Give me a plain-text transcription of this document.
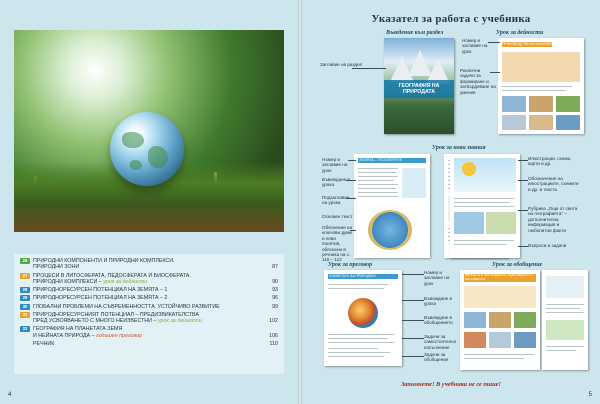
26	ПРИРОДНИ КОМПОНЕНТИ И ПРИРОДНИ КОМПЛЕКСИ.
ПРИРОДНИ ЗОНИ	87
27	ПРОЦЕСИ В ЛИТОСФЕРАТА, ПЕДОСФЕРАТА И БИОСФЕРАТА.
ПРИРОДНИ КОМПЛЕКСИ – урок за дейности	90
28	ПРИРОДНОРЕСУРСЕН ПОТЕНЦИАЛ НА ЗЕМЯТА – 1	93
29	ПРИРОДНОРЕСУРСЕН ПОТЕНЦИАЛ НА ЗЕМЯТА – 2	96
30	ГЛОБАЛНИ ПРОБЛЕМИ НА СЪВРЕМЕННОСТТА. УСТОЙЧИВО РАЗВИТИЕ	99
31	ПРИРОДНОРЕСУРСНИЯТ ПОТЕНЦИАЛ – ПРЕДИЗВИКАТЕЛСТВА
ПРЕД УСВОЯВАНЕТО С МНОГО НЕИЗВЕСТНИ – урок за дейности	102
32	ГЕОГРАФИЯ НА ПЛАНЕТАТА ЗЕМЯ
И НЕЙНАТА ПРИРОДА – годишен преговор	106
РЕЧНИК	110
4
Указател за работа с учебника
Въведение към раздел
ГЕОГРАФИЯ НА ПРИРОДАТА
Заглавие на раздел
Урок за дейности
ПРОИЗВОДСТВЕНИ КОМПЛЕКСИ
Номер и заглавие на урок
Различни задачи за формиране и затвърдяване на умения
Урок за нови знания
ЗЕМЯТА – ГЕОСФЕРИТЕ
Номер и заглавие на урок
Въвеждане в урока
Подзаглавие на урока
Основен текст
Обяснение на ключови думи и нови понятия, обяснени в речника на с. 110 – 112
Илюстрации, схеми, карти и др.
Обозначение на илюстрациите, схемите и др. в текста
Рубрика „Още от света на географията“ – допълнителна информация и любопитни факти
Въпроси и задачи
Урок за преговор
ПЛАНЕТАТА НА ПРИРОДАТА
Номер и заглавие на урок
Въвеждане в урока
Въвеждане в обобщението
Задачи за самостоятелно изпълнение
Задачи за обобщение
Урок за обобщение
ПРОЦЕСИ В ЛИТОСФЕРАТА, ПЕДОСФЕРАТА И БИОСФЕРАТА
Запомнете! В учебника не се пише!
5
